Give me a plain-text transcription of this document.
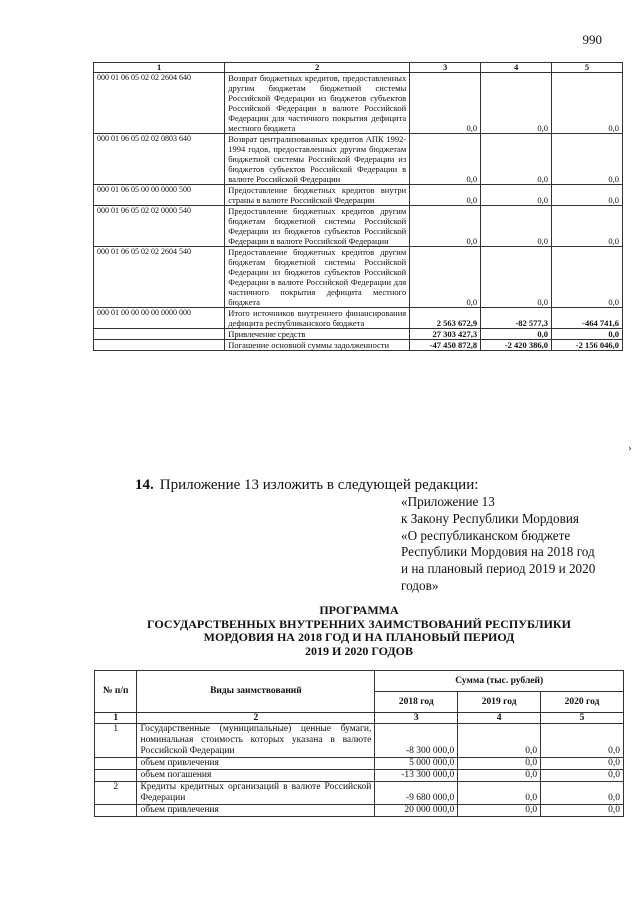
990
1	2	3	4	5
000 01 06 05 02 02 2604 640	Возврат бюджетных кредитов, предоставленных другим бюджетам бюджетной системы Российской Федерации из бюджетов субъектов Российской Федерации в валюте Российской Федерации для частичного покрытия дефицита местного бюджета	0,0	0,0	0,0
000 01 06 05 02 02 0803 640	Возврат централизованных кредитов АПК 1992-1994 годов, предоставленных другим бюджетам бюджетной системы Российской Федерации из бюджетов субъектов Российской Федерации в валюте Российской Федерации	0,0	0,0	0,0
000 01 06 05 00 00 0000 500	Предоставление бюджетных кредитов внутри страны в валюте Российской Федерации	0,0	0,0	0,0
000 01 06 05 02 02 0000 540	Предоставление бюджетных кредитов другим бюджетам бюджетной системы Российской Федерации из бюджетов субъектов Российской Федерации в валюте Российской Федерации	0,0	0,0	0,0
000 01 06 05 02 02 2604 540	Предоставление бюджетных кредитов другим бюджетам бюджетной системы Российской Федерации из бюджетов субъектов Российской Федерации в валюте Российской Федерации для частичного покрытия дефицита местного бюджета	0,0	0,0	0,0
000 01 00 00 00 00 0000 000	Итого источников внутреннего финансирования дефицита республиканского бюджета	2 563 672,9	-82 577,3	-464 741,6
	Привлечение средств	27 303 427,3	0,0	0,0
	Погашение основной суммы задолженности	-47 450 872,8	-2 420 386,0	-2 156 046,0
›
14. Приложение 13 изложить в следующей редакции:
«Приложение 13
к Закону Республики Мордовия
«О республиканском бюджете
Республики Мордовия на 2018 год
и на плановый период 2019 и 2020
годов»
ПРОГРАММА
ГОСУДАРСТВЕННЫХ ВНУТРЕННИХ ЗАИМСТВОВАНИЙ РЕСПУБЛИКИ
МОРДОВИЯ НА 2018 ГОД И НА ПЛАНОВЫЙ ПЕРИОД
2019 И 2020 ГОДОВ
№ п/п	Виды заимствований	Сумма (тыс. рублей)		
		2018 год	2019 год	2020 год
1	2	3	4	5
1	Государственные (муниципальные) ценные бумаги, номинальная стоимость которых указана в валюте Российской Федерации	-8 300 000,0	0,0	0,0
	объем привлечения	5 000 000,0	0,0	0,0
	объем погашения	-13 300 000,0	0,0	0,0
2	Кредиты кредитных организаций в валюте Российской Федерации	-9 680 000,0	0,0	0,0
	объем привлечения	20 000 000,0	0,0	0,0
